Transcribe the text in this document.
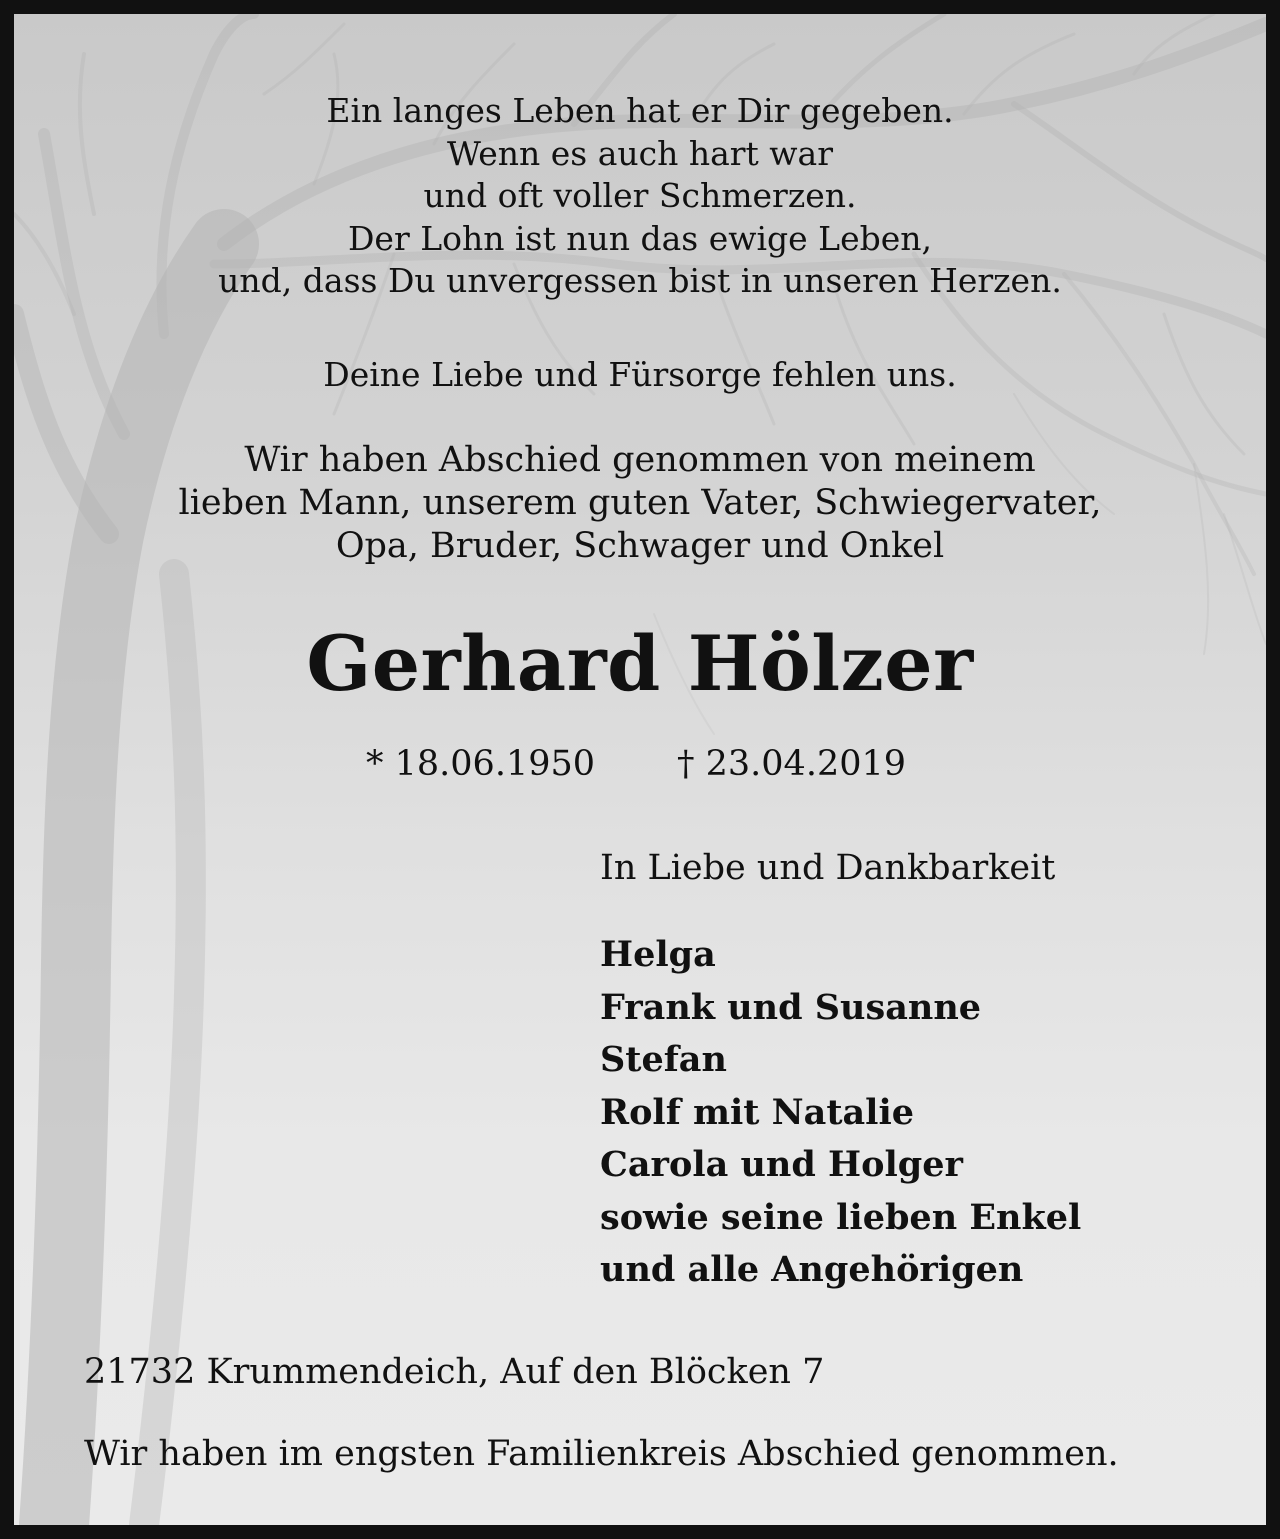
Ein langes Leben hat er Dir gegeben.
Wenn es auch hart war
und oft voller Schmerzen.
Der Lohn ist nun das ewige Leben,
und, dass Du unvergessen bist in unseren Herzen.
Deine Liebe und Fürsorge fehlen uns.
Wir haben Abschied genommen von meinem
lieben Mann, unserem guten Vater, Schwiegervater,
Opa, Bruder, Schwager und Onkel
Gerhard Hölzer
* 18.06.1950 † 23.04.2019
In Liebe und Dankbarkeit
Helga
Frank und Susanne
Stefan
Rolf mit Natalie
Carola und Holger
sowie seine lieben Enkel
und alle Angehörigen
21732 Krummendeich, Auf den Blöcken 7
Wir haben im engsten Familienkreis Abschied genommen.
